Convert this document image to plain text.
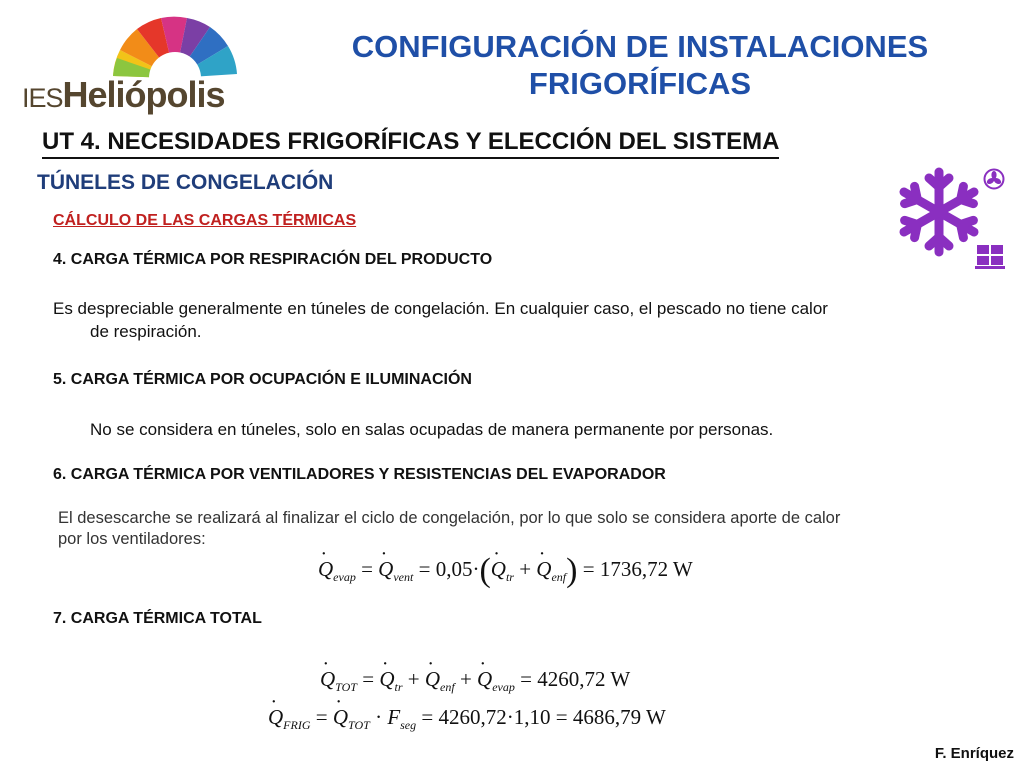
IESHeliópolis
CONFIGURACIÓN DE INSTALACIONES
FRIGORÍFICAS
UT 4. NECESIDADES FRIGORÍFICAS Y ELECCIÓN DEL SISTEMA
TÚNELES DE CONGELACIÓN
CÁLCULO DE LAS CARGAS TÉRMICAS
4. CARGA TÉRMICA POR RESPIRACIÓN DEL PRODUCTO
Es despreciable generalmente en túneles de congelación. En cualquier caso, el pescado no tiene calor
de respiración.
5. CARGA TÉRMICA POR OCUPACIÓN E ILUMINACIÓN
No se considera en túneles, solo en salas ocupadas de manera permanente por personas.
6. CARGA TÉRMICA POR VENTILADORES Y RESISTENCIAS DEL EVAPORADOR
El desescarche se realizará al finalizar el ciclo de congelación, por lo que solo se considera aporte de calor
por los ventiladores:
· $Q_{evap}$ = · $Q_{vent} = 0,05\cdot(\cdot Q_{tr}$ + · $Q_{enf}) = 1736,72$ W
7. CARGA TÉRMICA TOTAL
· $Q_{TOT}$ = · $Q_{tr}$ + · $Q_{enf}$ + · $Q_{evap} = 4260,72$ W
· $Q_{FRIG}$ = · $Q_{TOT} \cdot F_{seg} = 4260,72\cdot 1,10 = 4686,79$ W
F. Enríquez
